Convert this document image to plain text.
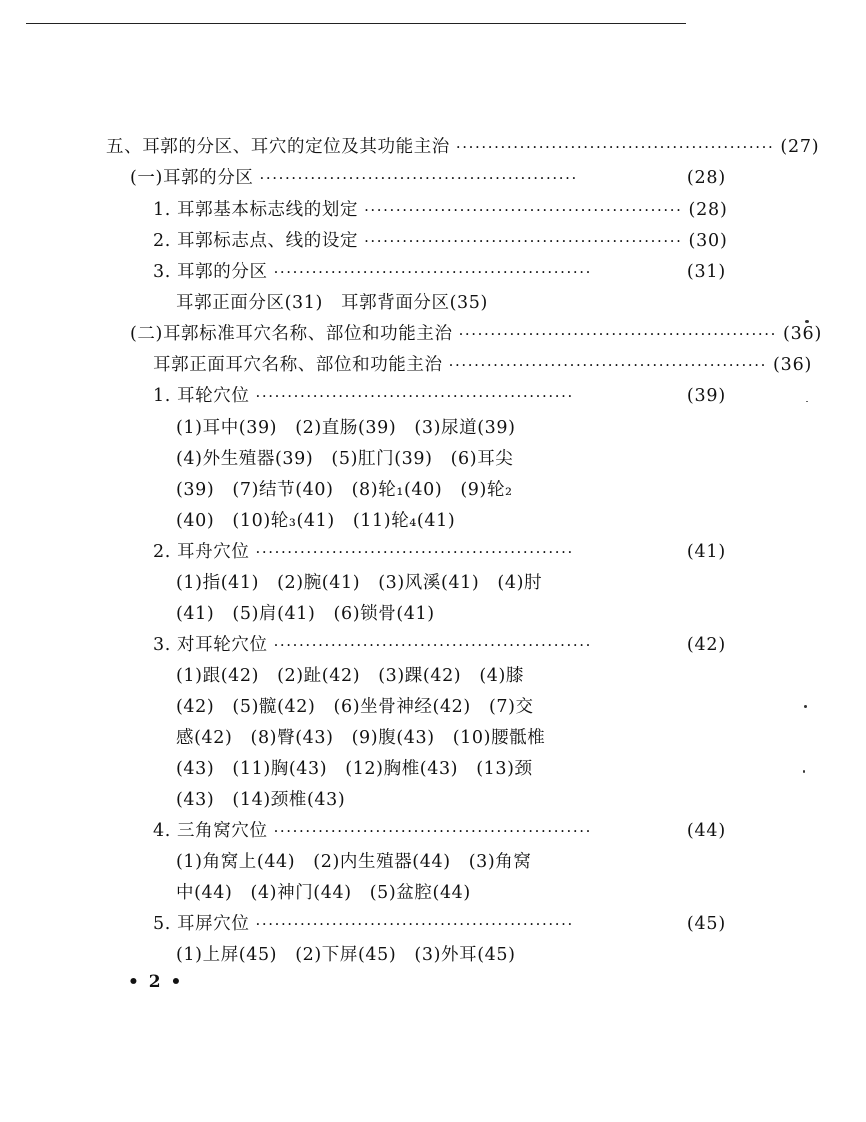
五、耳郭的分区、耳穴的定位及其功能主治 ·················································· (27)
(一)耳郭的分区 ··················································	(28)
1. 耳郭基本标志线的划定 ·················································· (28)
2. 耳郭标志点、线的设定 ·················································· (30)
3. 耳郭的分区 ··················································	(31)
耳郭正面分区(31)　耳郭背面分区(35)
(二)耳郭标准耳穴名称、部位和功能主治 ·················································· (36)
耳郭正面耳穴名称、部位和功能主治 ·················································· (36)
1. 耳轮穴位 ··················································	(39)
(1)耳中(39)　(2)直肠(39)　(3)尿道(39)
(4)外生殖器(39)　(5)肛门(39)　(6)耳尖
(39)　(7)结节(40)　(8)轮₁(40)　(9)轮₂
(40)　(10)轮₃(41)　(11)轮₄(41)
2. 耳舟穴位 ··················································	(41)
(1)指(41)　(2)腕(41)　(3)风溪(41)　(4)肘
(41)　(5)肩(41)　(6)锁骨(41)
3. 对耳轮穴位 ··················································	(42)
(1)跟(42)　(2)趾(42)　(3)踝(42)　(4)膝
(42)　(5)髋(42)　(6)坐骨神经(42)　(7)交
感(42)　(8)臀(43)　(9)腹(43)　(10)腰骶椎
(43)　(11)胸(43)　(12)胸椎(43)　(13)颈
(43)　(14)颈椎(43)
4. 三角窝穴位 ··················································	(44)
(1)角窝上(44)　(2)内生殖器(44)　(3)角窝
中(44)　(4)神门(44)　(5)盆腔(44)
5. 耳屏穴位 ··················································	(45)
(1)上屏(45)　(2)下屏(45)　(3)外耳(45)
• 2 •
